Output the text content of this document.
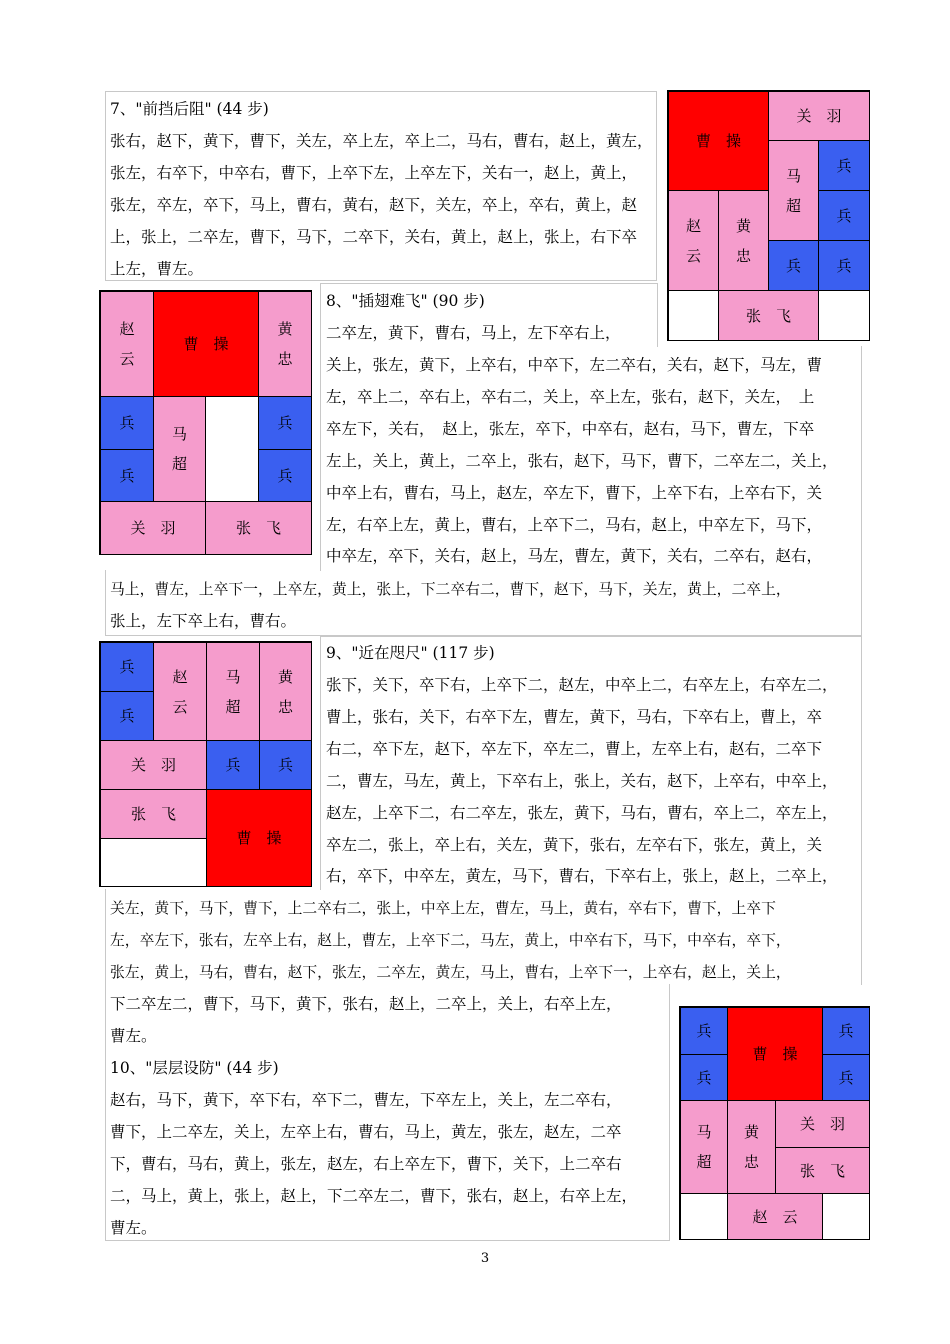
7、"前挡后阻" (44 步)
张右，赵下，黄下，曹下，关左，卒上左，卒上二，马右，曹右，赵上，黄左，
张左，右卒下，中卒右，曹下，上卒下左，上卒左下，关右一，赵上，黄上，
张左，卒左，卒下，马上，曹右，黄右，赵下，关左，卒上，卒右，黄上，赵
上，张上，二卒左，曹下，马下，二卒下，关右，黄上，赵上，张上，右下卒
上左，曹左。
曹　操
关　羽
马
超
兵
兵
赵
云
黄
忠
兵 兵
张　飞
赵
云
曹　操
黄
忠
兵
马
超
兵
兵	兵
关　羽	张　飞
8、"插翅难飞" (90 步)
二卒左，黄下，曹右，马上，左下卒右上，
关上，张左，黄下，上卒右，中卒下，左二卒右，关右，赵下，马左，曹
左，卒上二，卒右上，卒右二，关上，卒上左，张右，赵下，关左，　上
卒左下，关右，　赵上，张左，卒下，中卒右，赵右，马下，曹左，下卒
左上，关上，黄上，二卒上，张右，赵下，马下，曹下，二卒左二，关上，
中卒上右，曹右，马上，赵左，卒左下，曹下，上卒下右，上卒右下，关
左，右卒上左，黄上，曹右，上卒下二，马右，赵上，中卒左下，马下，
中卒左，卒下，关右，赵上，马左，曹左，黄下，关右，二卒右，赵右，
马上，曹左，上卒下一，上卒左，黄上，张上，下二卒右二，曹下，赵下，马下，关左，黄上，二卒上，
张上，左下卒上右，曹右。
兵
兵
赵
云
马
超
黄
忠
关　羽	兵 兵
张　飞
曹　操
9、"近在咫尺" (117 步)
张下，关下，卒下右，上卒下二，赵左，中卒上二，右卒左上，右卒左二，
曹上，张右，关下，右卒下左，曹左，黄下，马右，下卒右上，曹上，卒
右二，卒下左，赵下，卒左下，卒左二，曹上，左卒上右，赵右，二卒下
二，曹左，马左，黄上，下卒右上，张上，关右，赵下，上卒右，中卒上，
赵左，上卒下二，右二卒左，张左，黄下，马右，曹右，卒上二，卒左上，
卒左二，张上，卒上右，关左，黄下，张右，左卒右下，张左，黄上，关
右，卒下，中卒左，黄左，马下，曹右，下卒右上，张上，赵上，二卒上，
关左，黄下，马下，曹下，上二卒右二，张上，中卒上左，曹左，马上，黄右，卒右下，曹下，上卒下
左，卒左下，张右，左卒上右，赵上，曹左，上卒下二，马左，黄上，中卒右下，马下，中卒右，卒下，
张左，黄上，马右，曹右，赵下，张左，二卒左，黄左，马上，曹右，上卒下一，上卒右，赵上，关上，
下二卒左二，曹下，马下，黄下，张右，赵上，二卒上，关上，右卒上左，
曹左。
10、"层层设防" (44 步)
赵右，马下，黄下，卒下右，卒下二，曹左，下卒左上，关上，左二卒右，
曹下，上二卒左，关上，左卒上右，曹右，马上，黄左，张左，赵左，二卒
下，曹右，马右，黄上，张左，赵左，右上卒左下，曹下，关下，上二卒右
二，马上，黄上，张上，赵上，下二卒左二，曹下，张右，赵上，右卒上左，
曹左。
兵
兵
曹　操
兵
兵
马
超
黄
忠
关　羽
张　飞
赵　云
3
